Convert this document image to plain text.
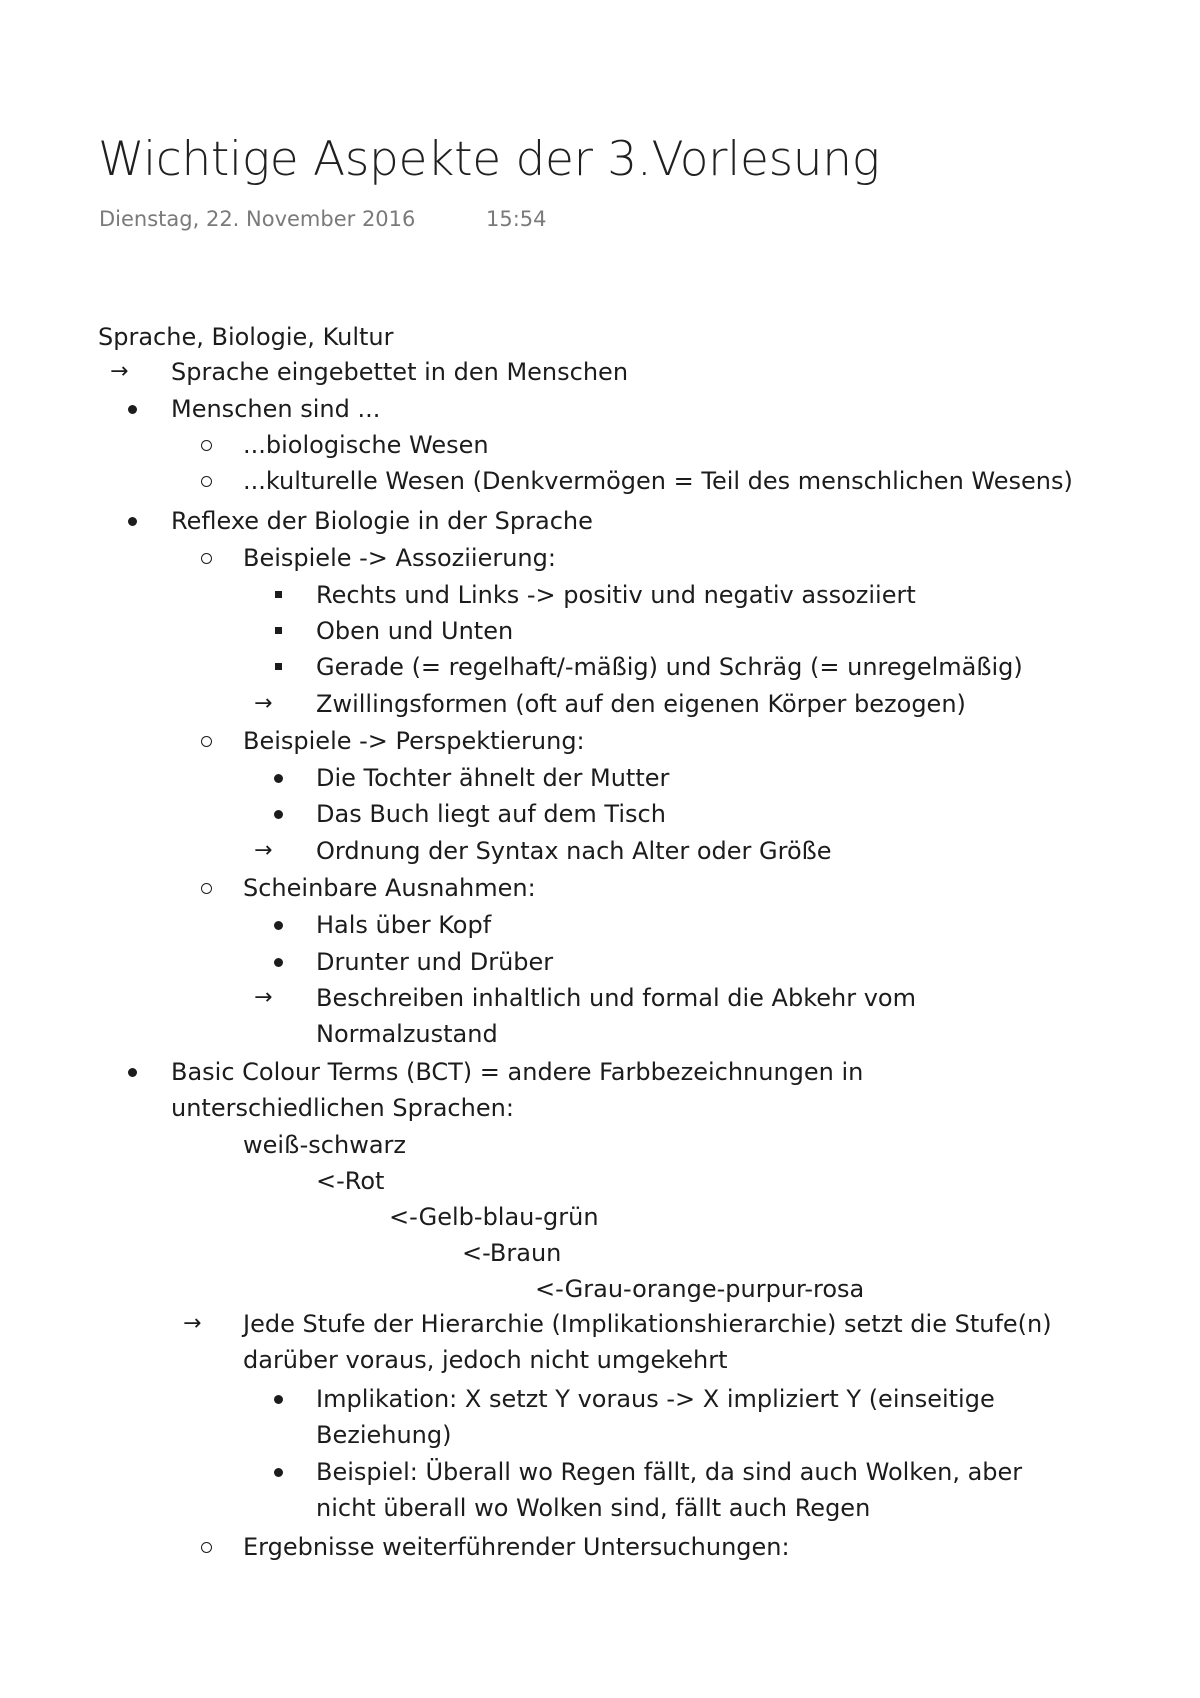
Wichtige Aspekte der 3.Vorlesung
Dienstag, 22. November 2016	15:54
Sprache, Biologie, Kultur
→ Sprache eingebettet in den Menschen
Menschen sind ...
...biologische Wesen
...kulturelle Wesen (Denkvermögen = Teil des menschlichen Wesens)
Reflexe der Biologie in der Sprache
Beispiele -> Assoziierung:
Rechts und Links -> positiv und negativ assoziiert
Oben und Unten
Gerade (= regelhaft/-mäßig) und Schräg (= unregelmäßig)
→ Zwillingsformen (oft auf den eigenen Körper bezogen)
Beispiele -> Perspektierung:
Die Tochter ähnelt der Mutter
Das Buch liegt auf dem Tisch
→ Ordnung der Syntax nach Alter oder Größe
Scheinbare Ausnahmen:
Hals über Kopf
Drunter und Drüber
→ Beschreiben inhaltlich und formal die Abkehr vom
Normalzustand
Basic Colour Terms (BCT) = andere Farbbezeichnungen in
unterschiedlichen Sprachen:
weiß-schwarz
<-Rot
<-Gelb-blau-grün
<-Braun
<-Grau-orange-purpur-rosa
→ Jede Stufe der Hierarchie (Implikationshierarchie) setzt die Stufe(n)
darüber voraus, jedoch nicht umgekehrt
Implikation: X setzt Y voraus -> X impliziert Y (einseitige
Beziehung)
Beispiel: Überall wo Regen fällt, da sind auch Wolken, aber
nicht überall wo Wolken sind, fällt auch Regen
Ergebnisse weiterführender Untersuchungen:
